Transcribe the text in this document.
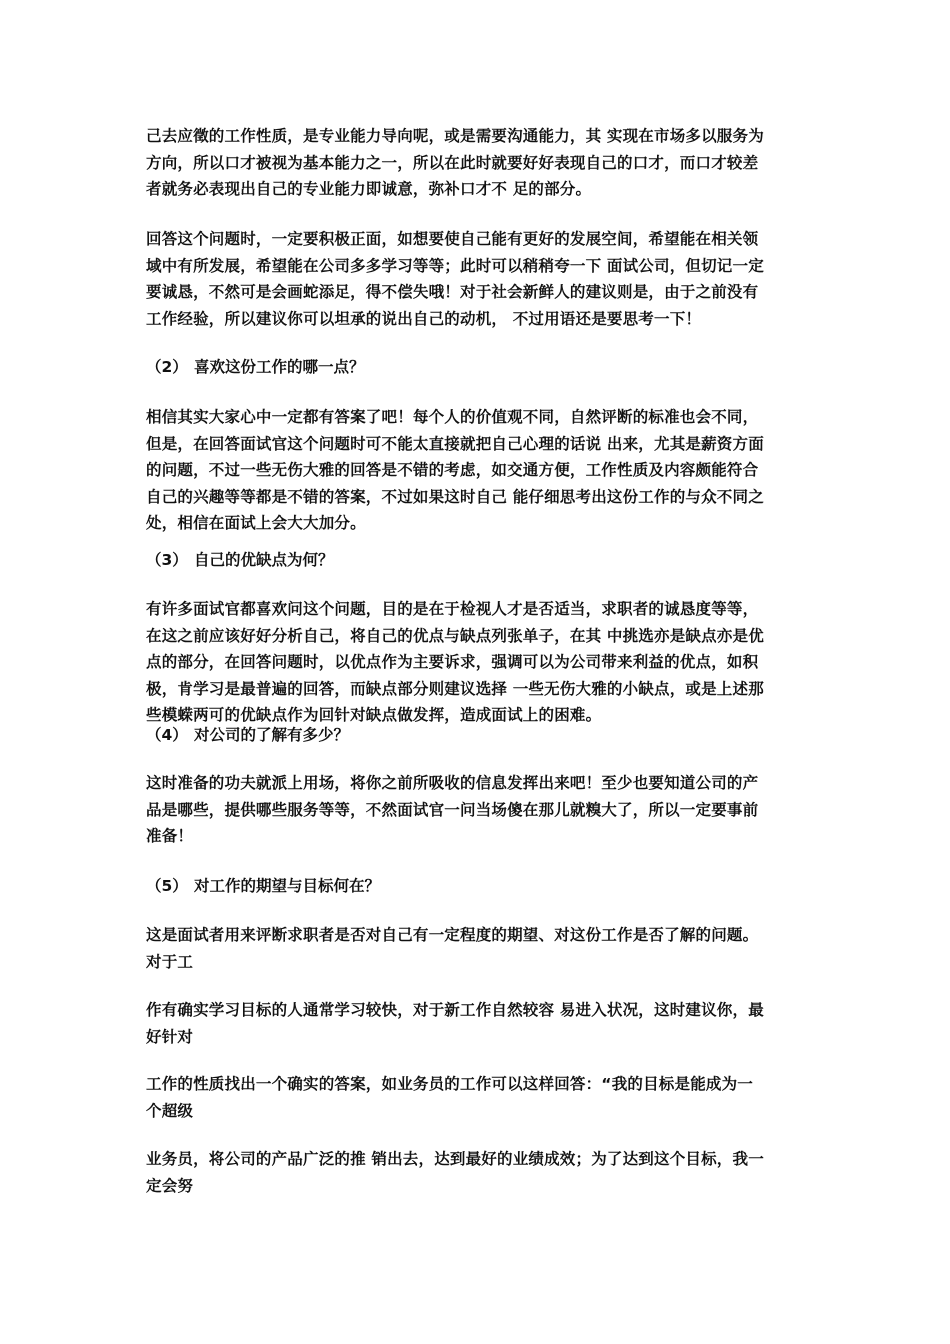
己去应徵的工作性质，是专业能力导向呢，或是需要沟通能力，其 实现在市场多以服务为
方向，所以口才被视为基本能力之一，所以在此时就要好好表现自己的口才，而口才较差
者就务必表现出自己的专业能力即诚意，弥补口才不 足的部分。
回答这个问题时，一定要积极正面，如想要使自己能有更好的发展空间，希望能在相关领
域中有所发展，希望能在公司多多学习等等；此时可以稍稍夸一下 面试公司，但切记一定
要诚恳，不然可是会画蛇添足，得不偿失哦！对于社会新鲜人的建议则是，由于之前没有
工作经验，所以建议你可以坦承的说出自己的动机， 不过用语还是要思考一下！
（2） 喜欢这份工作的哪一点？
相信其实大家心中一定都有答案了吧！每个人的价值观不同，自然评断的标准也会不同，
但是，在回答面试官这个问题时可不能太直接就把自己心理的话说 出来，尤其是薪资方面
的问题，不过一些无伤大雅的回答是不错的考虑，如交通方便，工作性质及内容颇能符合
自己的兴趣等等都是不错的答案，不过如果这时自己 能仔细思考出这份工作的与众不同之
处，相信在面试上会大大加分。
（3） 自己的优缺点为何？
有许多面试官都喜欢问这个问题，目的是在于检视人才是否适当，求职者的诚恳度等等，
在这之前应该好好分析自己，将自己的优点与缺点列张单子，在其 中挑选亦是缺点亦是优
点的部分，在回答问题时，以优点作为主要诉求，强调可以为公司带来利益的优点，如积
极，肯学习是最普遍的回答，而缺点部分则建议选择 一些无伤大雅的小缺点，或是上述那
些模蝾两可的优缺点作为回针对缺点做发挥，造成面试上的困难。
（4） 对公司的了解有多少？
这时准备的功夫就派上用场，将你之前所吸收的信息发挥出来吧！至少也要知道公司的产
品是哪些，提供哪些服务等等，不然面试官一问当场傻在那儿就糗大了，所以一定要事前
准备！
（5） 对工作的期望与目标何在？
这是面试者用来评断求职者是否对自己有一定程度的期望、对这份工作是否了解的问题。
对于工
作有确实学习目标的人通常学习较快，对于新工作自然较容 易进入状况，这时建议你，最
好针对
工作的性质找出一个确实的答案，如业务员的工作可以这样回答：“我的目标是能成为一
个超级
业务员，将公司的产品广泛的推 销出去，达到最好的业绩成效；为了达到这个目标，我一
定会努
